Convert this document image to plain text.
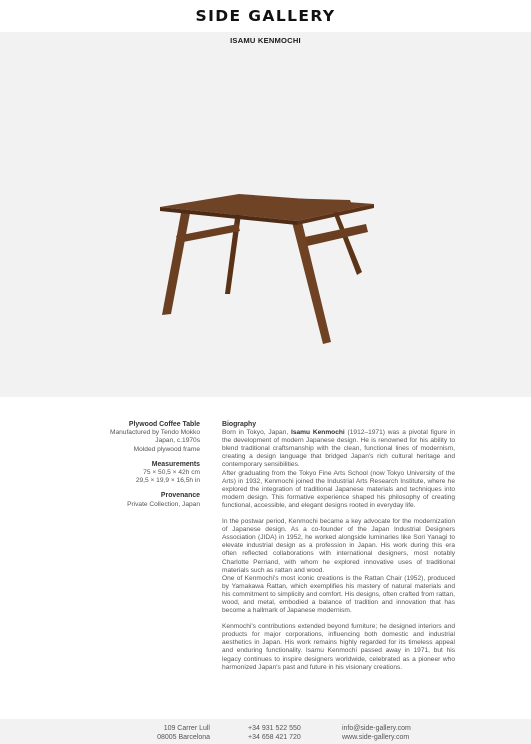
SIDE GALLERY
ISAMU KENMOCHI
Plywood Coffee Table
Manufactured by Tendo Mokko
Japan, c.1970s
Molded plywood frame
Measurements
75 × 50,5 × 42h cm
29,5 × 19,9 × 16,5h in
Provenance
Private Collection, Japan
Biography

Born in Tokyo, Japan, Isamu Kenmochi (1912–1971) was a pivotal figure in the development of modern Japanese design. He is renowned for his ability to blend traditional craftsmanship with the clean, functional lines of modernism, creating a design language that bridged Japan's rich cultural heritage and contemporary sensibilities.

After graduating from the Tokyo Fine Arts School (now Tokyo University of the Arts) in 1932, Kenmochi joined the Industrial Arts Research Institute, where he explored the integration of traditional Japanese materials and techniques into modern design. This formative experience shaped his philosophy of creating functional, accessible, and elegant designs rooted in everyday life.

In the postwar period, Kenmochi became a key advocate for the modernization of Japanese design. As a co-founder of the Japan Industrial Designers Association (JIDA) in 1952, he worked alongside luminaries like Sori Yanagi to elevate industrial design as a profession in Japan. His work during this era often reflected collaborations with international designers, most notably Charlotte Perriand, with whom he explored innovative uses of traditional materials such as rattan and wood.

One of Kenmochi's most iconic creations is the Rattan Chair (1952), produced by Yamakawa Rattan, which exemplifies his mastery of natural materials and his commitment to simplicity and comfort. His designs, often crafted from rattan, wood, and metal, embodied a balance of tradition and innovation that has become a hallmark of Japanese modernism.

Kenmochi's contributions extended beyond furniture; he designed interiors and products for major corporations, influencing both domestic and industrial aesthetics in Japan. His work remains highly regarded for its timeless appeal and enduring functionality. Isamu Kenmochi passed away in 1971, but his legacy continues to inspire designers worldwide, celebrated as a pioneer who harmonized Japan's past and future in his visionary creations.

109 Carrer Lull
08005 Barcelona
+34 931 522 550
+34 658 421 720
info@side-gallery.com
www.side-gallery.com
